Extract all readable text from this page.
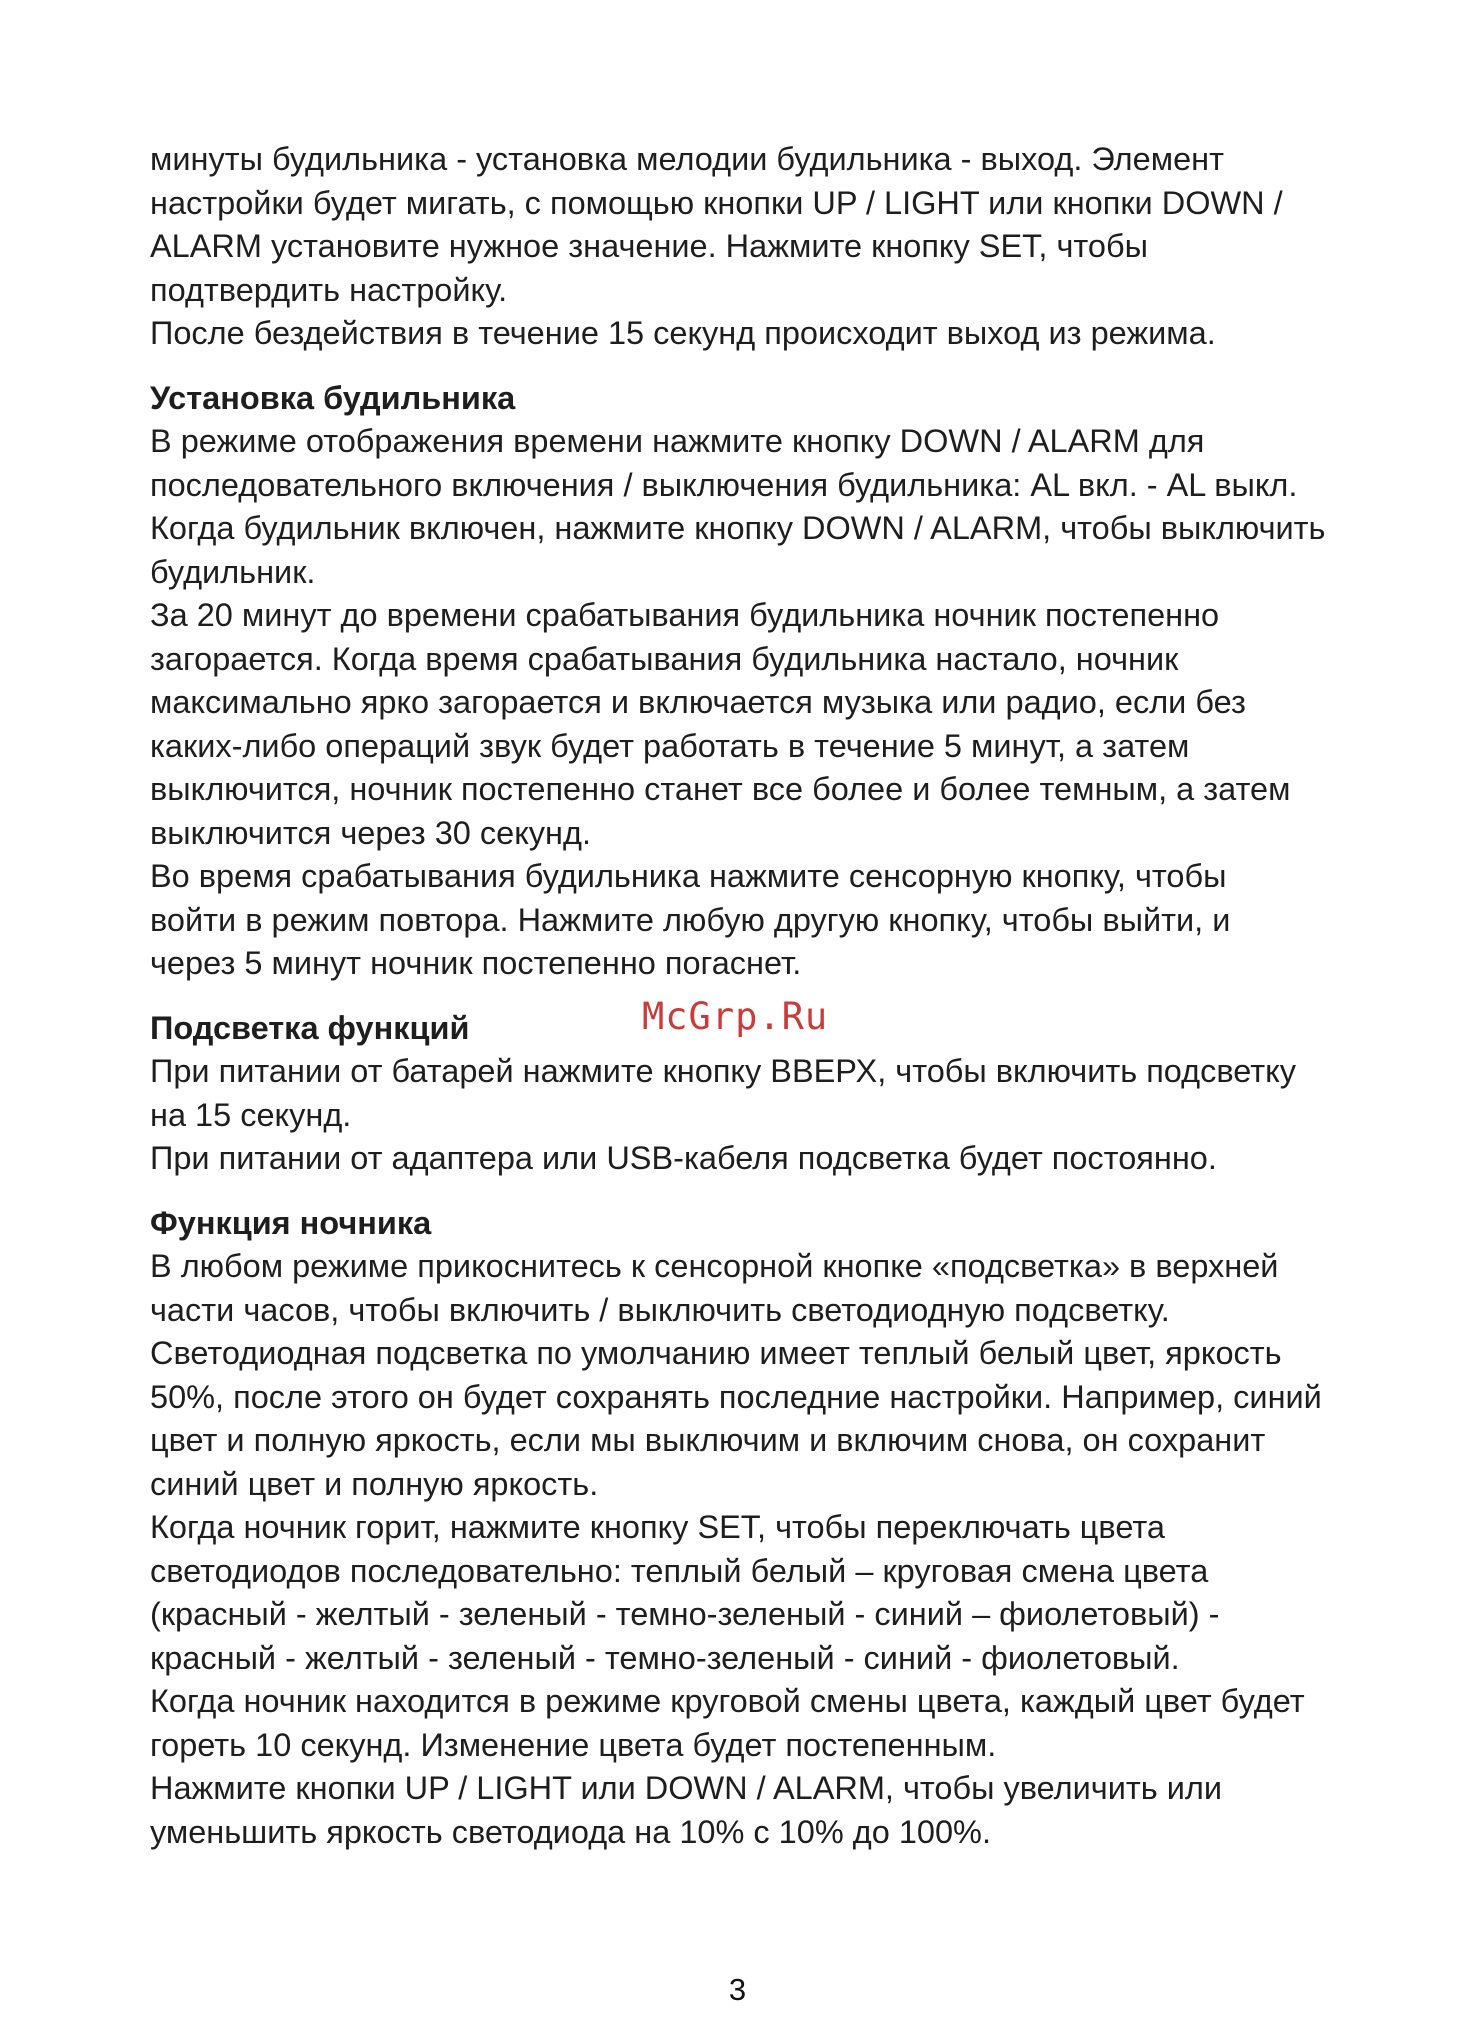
минуты будильника - установка мелодии будильника - выход. Элемент
настройки будет мигать, с помощью кнопки UP / LIGHT или кнопки DOWN /
ALARM установите нужное значение. Нажмите кнопку SET, чтобы
подтвердить настройку.
После бездействия в течение 15 секунд происходит выход из режима.
Установка будильника
В режиме отображения времени нажмите кнопку DOWN / ALARM для
последовательного включения / выключения будильника: AL вкл. - AL выкл.
Когда будильник включен, нажмите кнопку DOWN / ALARM, чтобы выключить
будильник.
За 20 минут до времени срабатывания будильника ночник постепенно
загорается. Когда время срабатывания будильника настало, ночник
максимально ярко загорается и включается музыка или радио, если без
каких-либо операций звук будет работать в течение 5 минут, а затем
выключится, ночник постепенно станет все более и более темным, а затем
выключится через 30 секунд.
Во время срабатывания будильника нажмите сенсорную кнопку, чтобы
войти в режим повтора. Нажмите любую другую кнопку, чтобы выйти, и
через 5 минут ночник постепенно погаснет.
Подсветка функций	McGrp.Ru
При питании от батарей нажмите кнопку ВВЕРХ, чтобы включить подсветку
на 15 секунд.
При питании от адаптера или USB-кабеля подсветка будет постоянно.
Функция ночника
В любом режиме прикоснитесь к сенсорной кнопке «подсветка» в верхней
части часов, чтобы включить / выключить светодиодную подсветку.
Светодиодная подсветка по умолчанию имеет теплый белый цвет, яркость
50%, после этого он будет сохранять последние настройки. Например, синий
цвет и полную яркость, если мы выключим и включим снова, он сохранит
синий цвет и полную яркость.
Когда ночник горит, нажмите кнопку SET, чтобы переключать цвета
светодиодов последовательно: теплый белый – круговая смена цвета
(красный - желтый - зеленый - темно-зеленый - синий – фиолетовый) -
красный - желтый - зеленый - темно-зеленый - синий - фиолетовый.
Когда ночник находится в режиме круговой смены цвета, каждый цвет будет
гореть 10 секунд. Изменение цвета будет постепенным.
Нажмите кнопки UP / LIGHT или DOWN / ALARM, чтобы увеличить или
уменьшить яркость светодиода на 10% с 10% до 100%.
3
